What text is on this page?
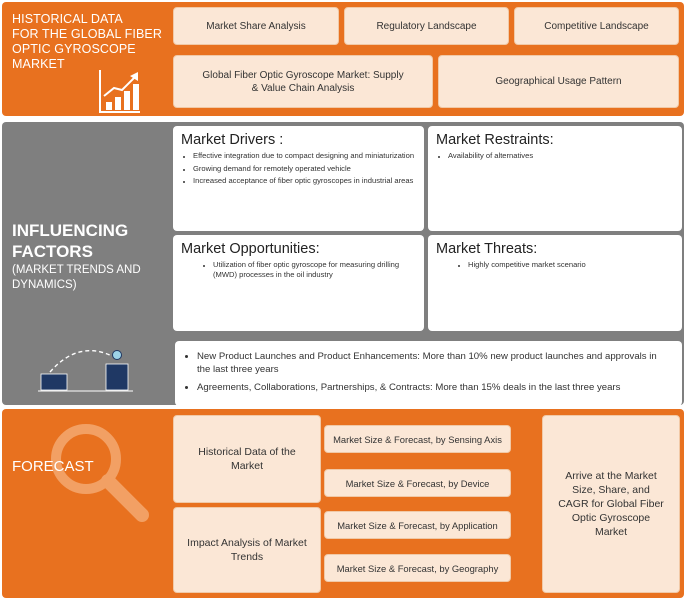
HISTORICAL DATA
FOR THE GLOBAL FIBER
OPTIC GYROSCOPE
MARKET
Market Share Analysis	Regulatory Landscape	Competitive Landscape
Global Fiber Optic Gyroscope Market: Supply & Value Chain Analysis
Geographical Usage Pattern
INFLUENCING
FACTORS
(MARKET TRENDS AND
DYNAMICS)
Market Drivers :
• Effective integration due to compact designing and miniaturization
• Growing demand for remotely operated vehicle
• Increased acceptance of fiber optic gyroscopes in industrial areas
Market Restraints:
• Availability of alternatives
Market Opportunities:
• Utilization of fiber optic gyroscope for measuring drilling (MWD) processes in the oil industry
Market Threats:
• Highly competitive market scenario
• New Product Launches and Product Enhancements: More than 10% new product launches and approvals in the last three years
• Agreements, Collaborations, Partnerships, & Contracts: More than 15% deals in the last three years
FORECAST
Historical Data of the Market
Impact Analysis of Market Trends
Market Size & Forecast, by Sensing Axis
Market Size & Forecast, by Device
Market Size & Forecast, by Application
Market Size & Forecast, by Geography
Arrive at the Market Size, Share, and CAGR for Global Fiber Optic Gyroscope Market
